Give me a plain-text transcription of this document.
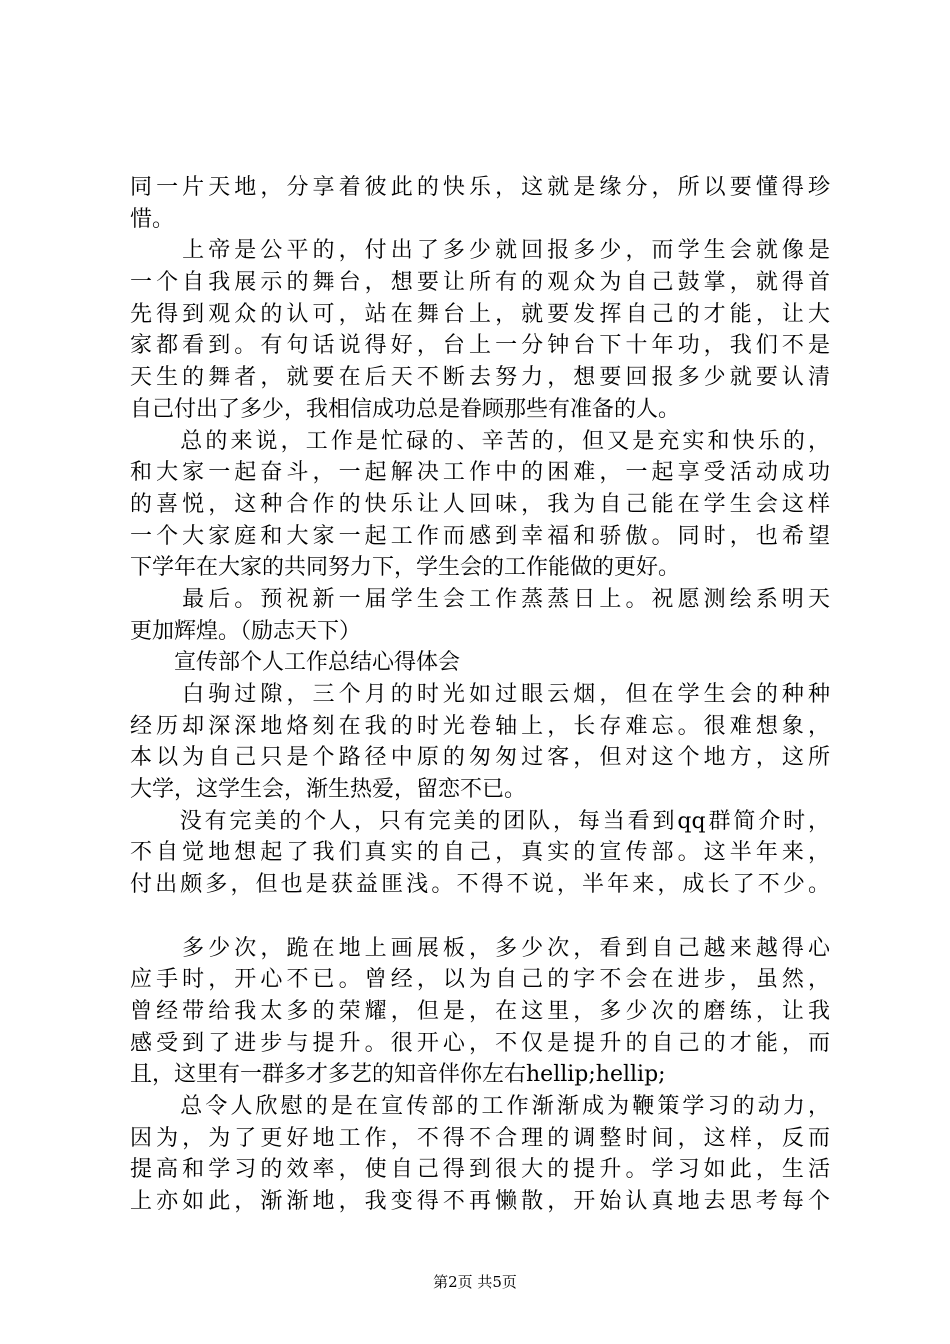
同一片天地，分享着彼此的快乐，这就是缘分，所以要懂得珍
惜。
　　上帝是公平的，付出了多少就回报多少，而学生会就像是
一个自我展示的舞台，想要让所有的观众为自己鼓掌，就得首
先得到观众的认可，站在舞台上，就要发挥自己的才能，让大
家都看到。有句话说得好，台上一分钟台下十年功，我们不是
天生的舞者，就要在后天不断去努力，想要回报多少就要认清
自己付出了多少，我相信成功总是眷顾那些有准备的人。
　　总的来说，工作是忙碌的、辛苦的，但又是充实和快乐的，
和大家一起奋斗，一起解决工作中的困难，一起享受活动成功
的喜悦，这种合作的快乐让人回味，我为自己能在学生会这样
一个大家庭和大家一起工作而感到幸福和骄傲。同时，也希望
下学年在大家的共同努力下，学生会的工作能做的更好。
　　最后。预祝新一届学生会工作蒸蒸日上。祝愿测绘系明天
更加辉煌。（励志天下）
　　宣传部个人工作总结心得体会
　　白驹过隙，三个月的时光如过眼云烟，但在学生会的种种
经历却深深地烙刻在我的时光卷轴上，长存难忘。很难想象，
本以为自己只是个路径中原的匆匆过客，但对这个地方，这所
大学，这学生会，渐生热爱，留恋不已。
　　没有完美的个人，只有完美的团队，每当看到qq群简介时，
不自觉地想起了我们真实的自己，真实的宣传部。这半年来，
付出颇多，但也是获益匪浅。不得不说，半年来，成长了不少。
　　多少次，跪在地上画展板，多少次，看到自己越来越得心
应手时，开心不已。曾经，以为自己的字不会在进步，虽然，
曾经带给我太多的荣耀，但是，在这里，多少次的磨练，让我
感受到了进步与提升。很开心，不仅是提升的自己的才能，而
且，这里有一群多才多艺的知音伴你左右hellip;hellip;
　　总令人欣慰的是在宣传部的工作渐渐成为鞭策学习的动力，
因为，为了更好地工作，不得不合理的调整时间，这样，反而
提高和学习的效率，使自己得到很大的提升。学习如此，生活
上亦如此，渐渐地，我变得不再懒散，开始认真地去思考每个
第2页 共5页
